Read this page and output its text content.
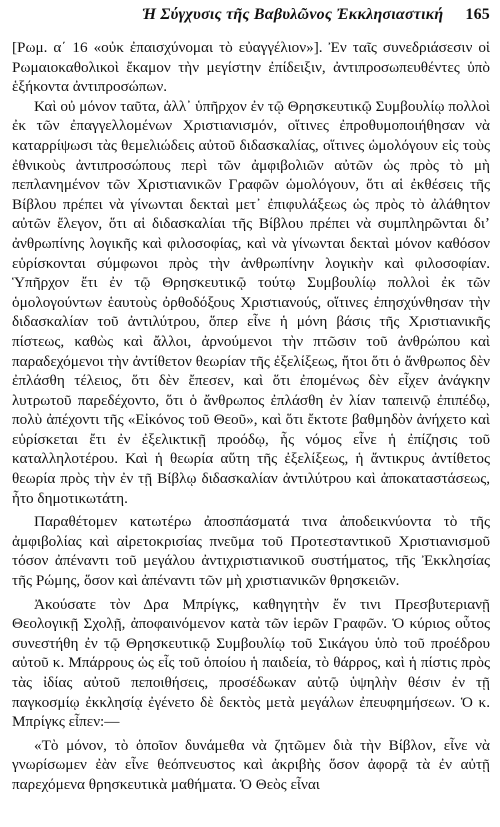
Ἡ Σύγχυσις τῆς Βαβυλῶνος Ἐκκλησιαστική 165

[Ρωμ. α΄ 16 «οὐκ ἐπαισχύνομαι τὸ εὐαγγέλιον»]. Ἐν ταῖς συνεδριάσεσιν οἱ Ρωμαιοκαθολικοὶ ἔκαμον τὴν μεγίστην ἐπίδειξιν, ἀντιπροσωπευθέντες ὑπὸ ἑξήκοντα ἀντιπροσώπων.

Καὶ οὐ μόνον ταῦτα, ἀλλ᾽ ὑπῆρχον ἐν τῷ Θρησκευτικῷ Συμβουλίῳ πολλοὶ ἐκ τῶν ἐπαγγελλομένων Χριστιανισμόν, οἵτινες ἐπροθυμοποιήθησαν νὰ καταρρίψωσι τὰς θεμελιώδεις αὐτοῦ διδασκαλίας, οἵτινες ὡμολόγουν εἰς τοὺς ἐθνικοὺς ἀντιπροσώπους περὶ τῶν ἀμφιβολιῶν αὐτῶν ὡς πρὸς τὸ μὴ πεπλανημένον τῶν Χριστιανικῶν Γραφῶν ὡμολόγουν, ὅτι αἱ ἐκθέσεις τῆς Βίβλου πρέπει νὰ γίνωνται δεκταὶ μετ᾽ ἐπιφυλάξεως ὡς πρὸς τὸ ἀλάθητον αὐτῶν ἔλεγον, ὅτι αἱ διδασκαλίαι τῆς Βίβλου πρέπει νὰ συμπληρῶνται διʼ ἀνθρωπίνης λογικῆς καὶ φιλοσοφίας, καὶ νὰ γίνωνται δεκταὶ μόνον καθόσον εὑρίσκονται σύμφωνοι πρὸς τὴν ἀνθρωπίνην λογικὴν καὶ φιλοσοφίαν. Ὑπῆρχον ἔτι ἐν τῷ Θρησκευτικῷ τούτῳ Συμβουλίῳ πολλοὶ ἐκ τῶν ὁμολογούντων ἑαυτοὺς ὀρθοδόξους Χριστιανούς, οἵτινες ἐπησχύνθησαν τὴν διδασκαλίαν τοῦ ἀντιλύτρου, ὅπερ εἶνε ἡ μόνη βάσις τῆς Χριστιανικῆς πίστεως, καθὼς καὶ ἄλλοι, ἀρνούμενοι τὴν πτῶσιν τοῦ ἀνθρώπου καὶ παραδεχόμενοι τὴν ἀντίθετον θεωρίαν τῆς ἐξελίξεως, ἤτοι ὅτι ὁ ἄνθρωπος δὲν ἐπλάσθη τέλειος, ὅτι δὲν ἔπεσεν, καὶ ὅτι ἐπομένως δὲν εἶχεν ἀνάγκην λυτρωτοῦ παρεδέχοντο, ὅτι ὁ ἄνθρωπος ἐπλάσθη ἐν λίαν ταπεινῷ ἐπιπέδῳ, πολὺ ἀπέχοντι τῆς «Εἰκόνος τοῦ Θεοῦ», καὶ ὅτι ἔκτοτε βαθμηδὸν ἀνήχετο καὶ εὑρίσκεται ἔτι ἐν ἐξελικτικῇ προόδῳ, ἧς νόμος εἶνε ἡ ἐπίζησις τοῦ καταλληλοτέρου. Καὶ ἡ θεωρία αὕτη τῆς ἐξελίξεως, ἡ ἄντικρυς ἀντίθετος θεωρία πρὸς τὴν ἐν τῇ Βίβλῳ διδασκαλίαν ἀντιλύτρου καὶ ἀποκαταστάσεως, ἦτο δημοτικωτάτη.

Παραθέτομεν κατωτέρω ἀποσπάσματά τινα ἀποδεικνύοντα τὸ τῆς ἀμφιβολίας καὶ αἱρετοκρισίας πνεῦμα τοῦ Προτεσταντικοῦ Χριστιανισμοῦ τόσον ἀπέναντι τοῦ μεγάλου ἀντιχριστιανικοῦ συστήματος, τῆς Ἐκκλησίας τῆς Ρώμης, ὅσον καὶ ἀπέναντι τῶν μὴ χριστιανικῶν θρησκειῶν.

Ἀκούσατε τὸν Δρα Μπρίγκς, καθηγητὴν ἔν τινι Πρεσβυτεριανῇ Θεολογικῇ Σχολῇ, ἀποφαινόμενον κατὰ τῶν ἱερῶν Γραφῶν. Ὁ κύριος οὗτος συνεστήθη ἐν τῷ Θρησκευτικῷ Συμβουλίῳ τοῦ Σικάγου ὑπὸ τοῦ προέδρου αὐτοῦ κ. Μπάρρους ὡς εἷς τοῦ ὁποίου ἡ παιδεία, τὸ θάρρος, καὶ ἡ πίστις πρὸς τὰς ἰδίας αὐτοῦ πεποιθήσεις, προσέδωκαν αὐτῷ ὑψηλὴν θέσιν ἐν τῇ παγκοσμίῳ ἐκκλησίᾳ ἐγένετο δὲ δεκτὸς μετὰ μεγάλων ἐπευφημήσεων. Ὁ κ. Μπρίγκς εἶπεν:—

«Τὸ μόνον, τὸ ὁποῖον δυνάμεθα νὰ ζητῶμεν διὰ τὴν Βίβλον, εἶνε νὰ γνωρίσωμεν ἐὰν εἶνε θεόπνευστος καὶ ἀκριβὴς ὅσον ἀφορᾷ τὰ ἐν αὐτῇ παρεχόμενα θρησκευτικὰ μαθήματα. Ὁ Θεὸς εἶναι
